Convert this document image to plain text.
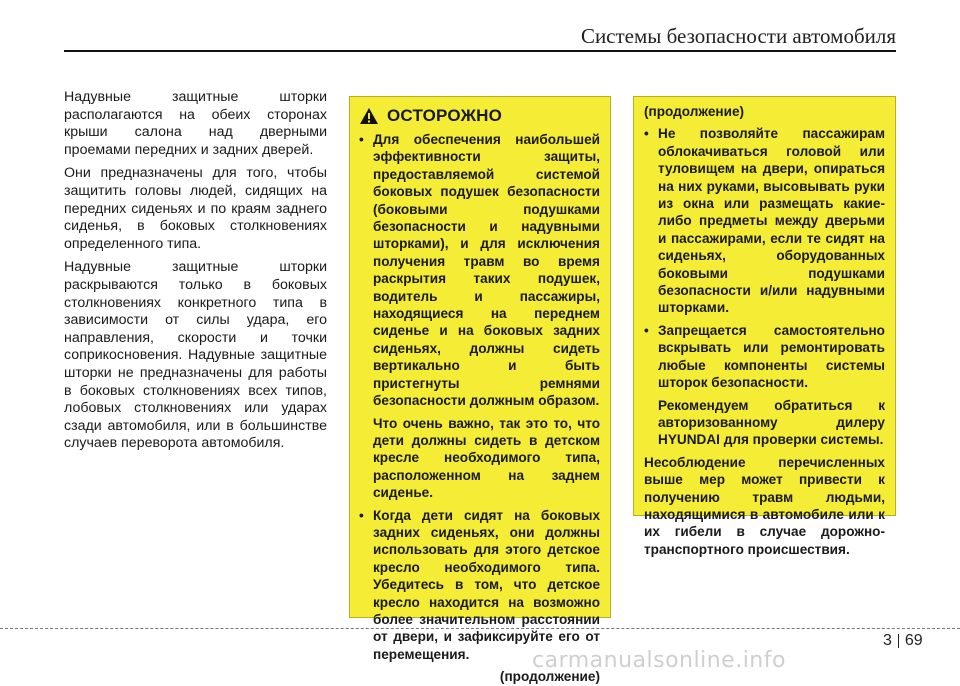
Системы безопасности автомобиля

Надувные защитные шторки располагаются на обеих сторонах крыши салона над дверными проемами передних и задних дверей.

Они предназначены для того, чтобы защитить головы людей, сидящих на передних сиденьях и по краям заднего сиденья, в боковых столкновениях определенного типа.

Надувные защитные шторки раскрываются только в боковых столкновениях конкретного типа в зависимости от силы удара, его направления, скорости и точки соприкосновения. Надувные защитные шторки не предназначены для работы в боковых столкновениях всех типов, лобовых столкновениях или ударах сзади автомобиля, или в большинстве случаев переворота автомобиля.

ОСТОРОЖНО
• Для обеспечения наибольшей эффективности защиты, предоставляемой системой боковых подушек безопасности (боковыми подушками безопасности и надувными шторками), и для исключения получения травм во время раскрытия таких подушек, водитель и пассажиры, находящиеся на переднем сиденье и на боковых задних сиденьях, должны сидеть вертикально и быть пристегнуты ремнями безопасности должным образом.
Что очень важно, так это то, что дети должны сидеть в детском кресле необходимого типа, расположенном на заднем сиденье.
• Когда дети сидят на боковых задних сиденьях, они должны использовать для этого детское кресло необходимого типа. Убедитесь в том, что детское кресло находится на возможно более значительном расстоянии от двери, и зафиксируйте его от перемещения.
(продолжение)
(продолжение)
• Не позволяйте пассажирам облокачиваться головой или туловищем на двери, опираться на них руками, высовывать руки из окна или размещать какие-либо предметы между дверьми и пассажирами, если те сидят на сиденьях, оборудованных боковыми подушками безопасности и/или надувными шторками.
• Запрещается самостоятельно вскрывать или ремонтировать любые компоненты системы шторок безопасности.
Рекомендуем обратиться к авторизованному дилеру HYUNDAI для проверки системы.
Несоблюдение перечисленных выше мер может привести к получению травм людьми, находящимися в автомобиле или к их гибели в случае дорожно-транспортного происшествия.
3 69
carmanualsonline.info
